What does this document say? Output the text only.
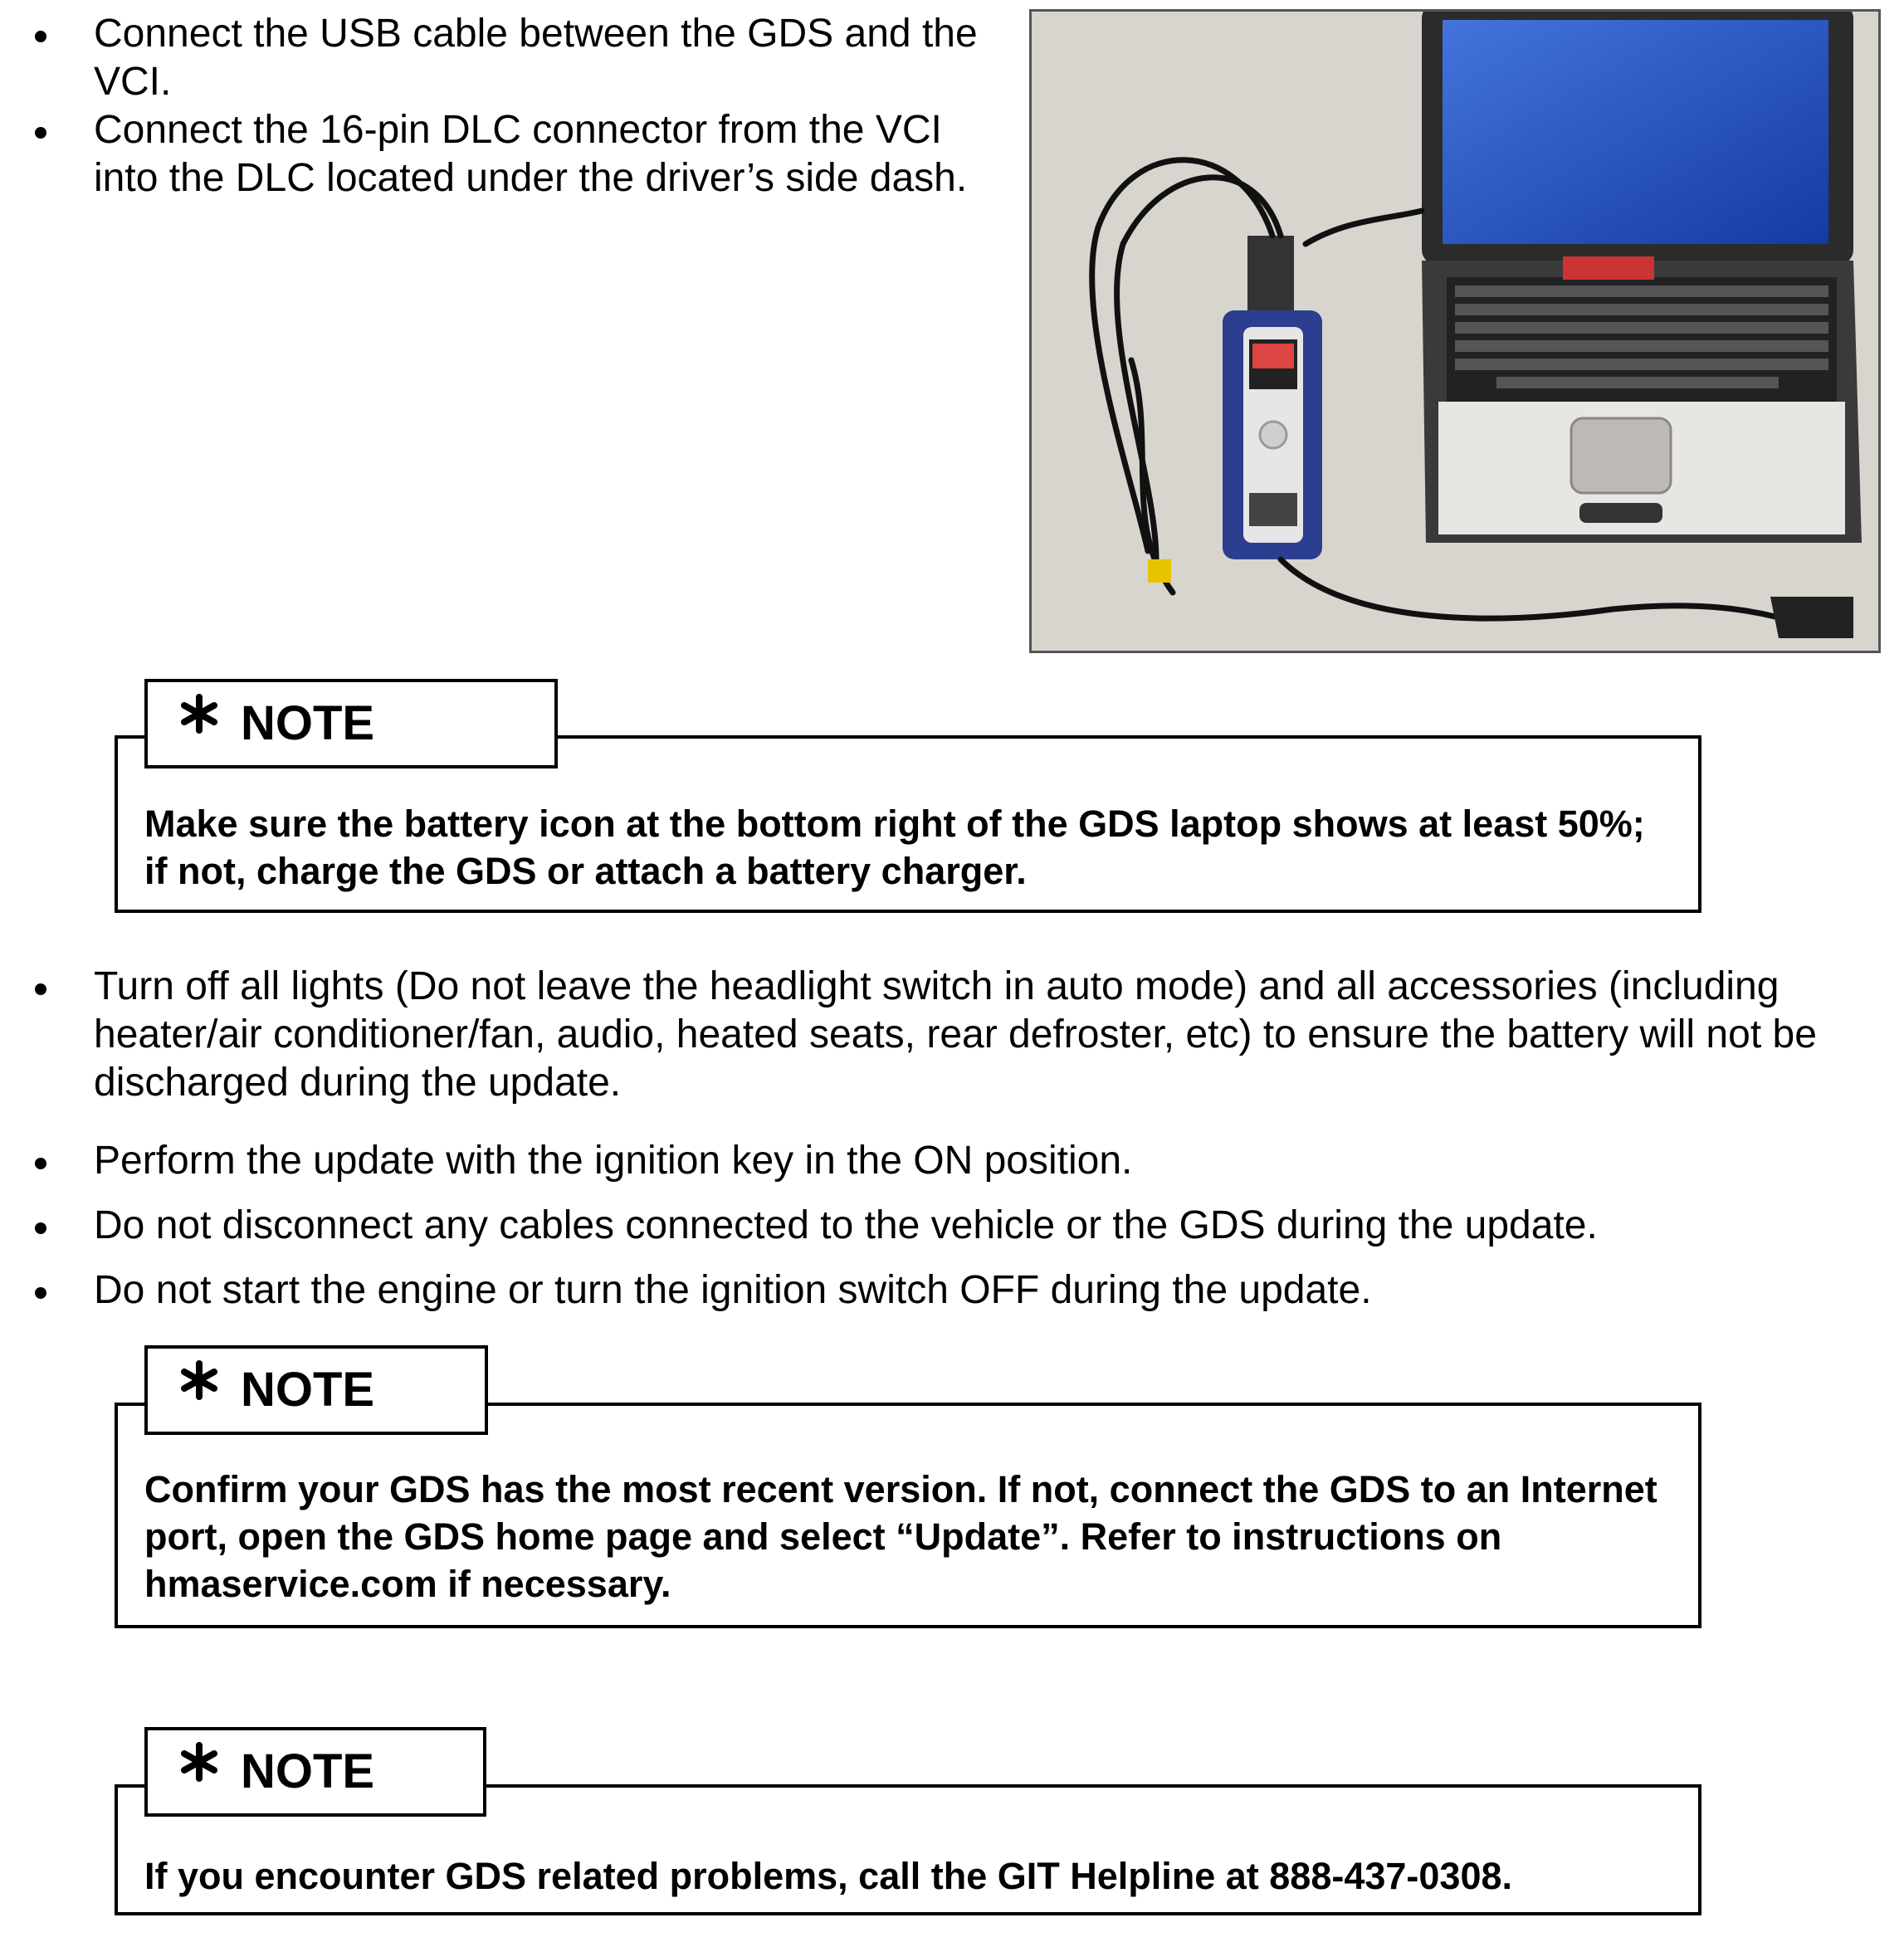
Connect the USB cable between the GDS and the VCI.
Connect the 16-pin DLC connector from the VCI into the DLC located under the driver’s side dash.
Make sure the battery icon at the bottom right of the GDS laptop shows at least 50%; if not, charge the GDS or attach a battery charger.
NOTE
Turn off all lights (Do not leave the headlight switch in auto mode) and all accessories (including heater/air conditioner/fan, audio, heated seats, rear defroster, etc) to ensure the battery will not be discharged during the update.
Perform the update with the ignition key in the ON position.
Do not disconnect any cables connected to the vehicle or the GDS during the update.
Do not start the engine or turn the ignition switch OFF during the update.
Confirm your GDS has the most recent version. If not, connect the GDS to an Internet port, open the GDS home page and select “Update”. Refer to instructions on hmaservice.com if necessary.
NOTE
If you encounter GDS related problems, call the GIT Helpline at 888-437-0308.
NOTE
